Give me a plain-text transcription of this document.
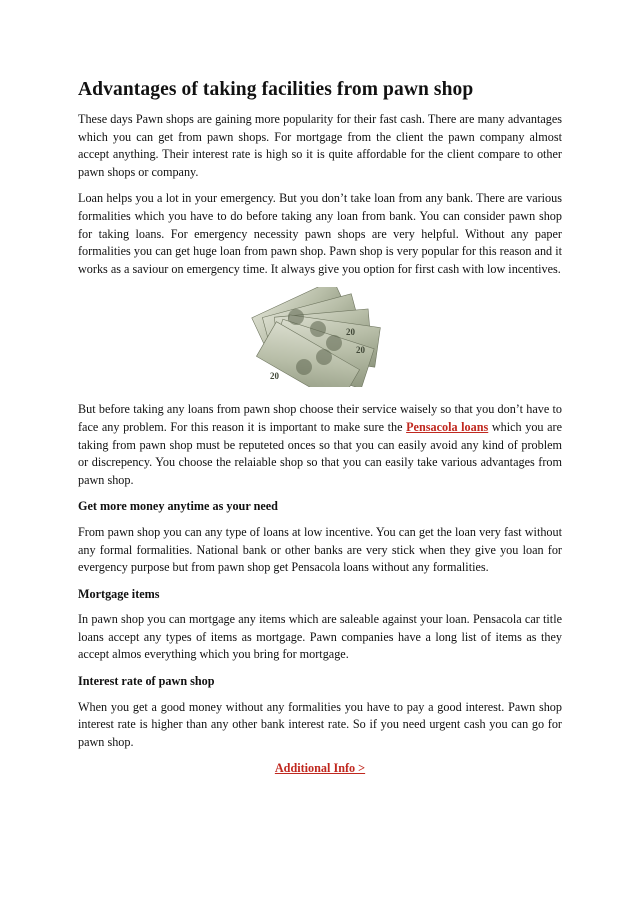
Advantages of taking facilities from pawn shop

These days Pawn shops are gaining more popularity for their fast cash. There are many advantages which you can get from pawn shops. For mortgage from the client the pawn company almost accept anything. Their interest rate is high so it is quite affordable for the client compare to other pawn shops or company.

Loan helps you a lot in your emergency. But you don’t take loan from any bank. There are various formalities which you have to do before taking any loan from bank. You can consider pawn shop for taking loans. For emergency necessity pawn shops are very helpful. Without any paper formalities you can get huge loan from pawn shop. Pawn shop is very popular for this reason and it works as a saviour on emergency time. It always give you option for first cash with low incentives.

20
20
20

But before taking any loans from pawn shop choose their service waisely so that you don’t have to face any problem. For this reason it is important to make sure the Pensacola loans which you are taking from pawn shop must be reputeted onces so that you can easily avoid any kind of problem or discrepency. You choose the relaiable shop so that you can easily take various advantages from pawn shop.

Get more money anytime as your need

From pawn shop you can any type of loans at low incentive. You can get the loan very fast without any formal formalities. National bank or other banks are very stick when they give you loan for evergency purpose but from pawn shop get Pensacola loans without any formalities.

Mortgage items

In pawn shop you can mortgage any items which are saleable against your loan. Pensacola car title loans accept any types of items as mortgage. Pawn companies have a long list of items as they accept almos everything which you bring for mortgage.

Interest rate of pawn shop

When you get a good money without any formalities you have to pay a good interest. Pawn shop interest rate is higher than any other bank interest rate. So if you need urgent cash you can go for pawn shop.

Additional Info >
